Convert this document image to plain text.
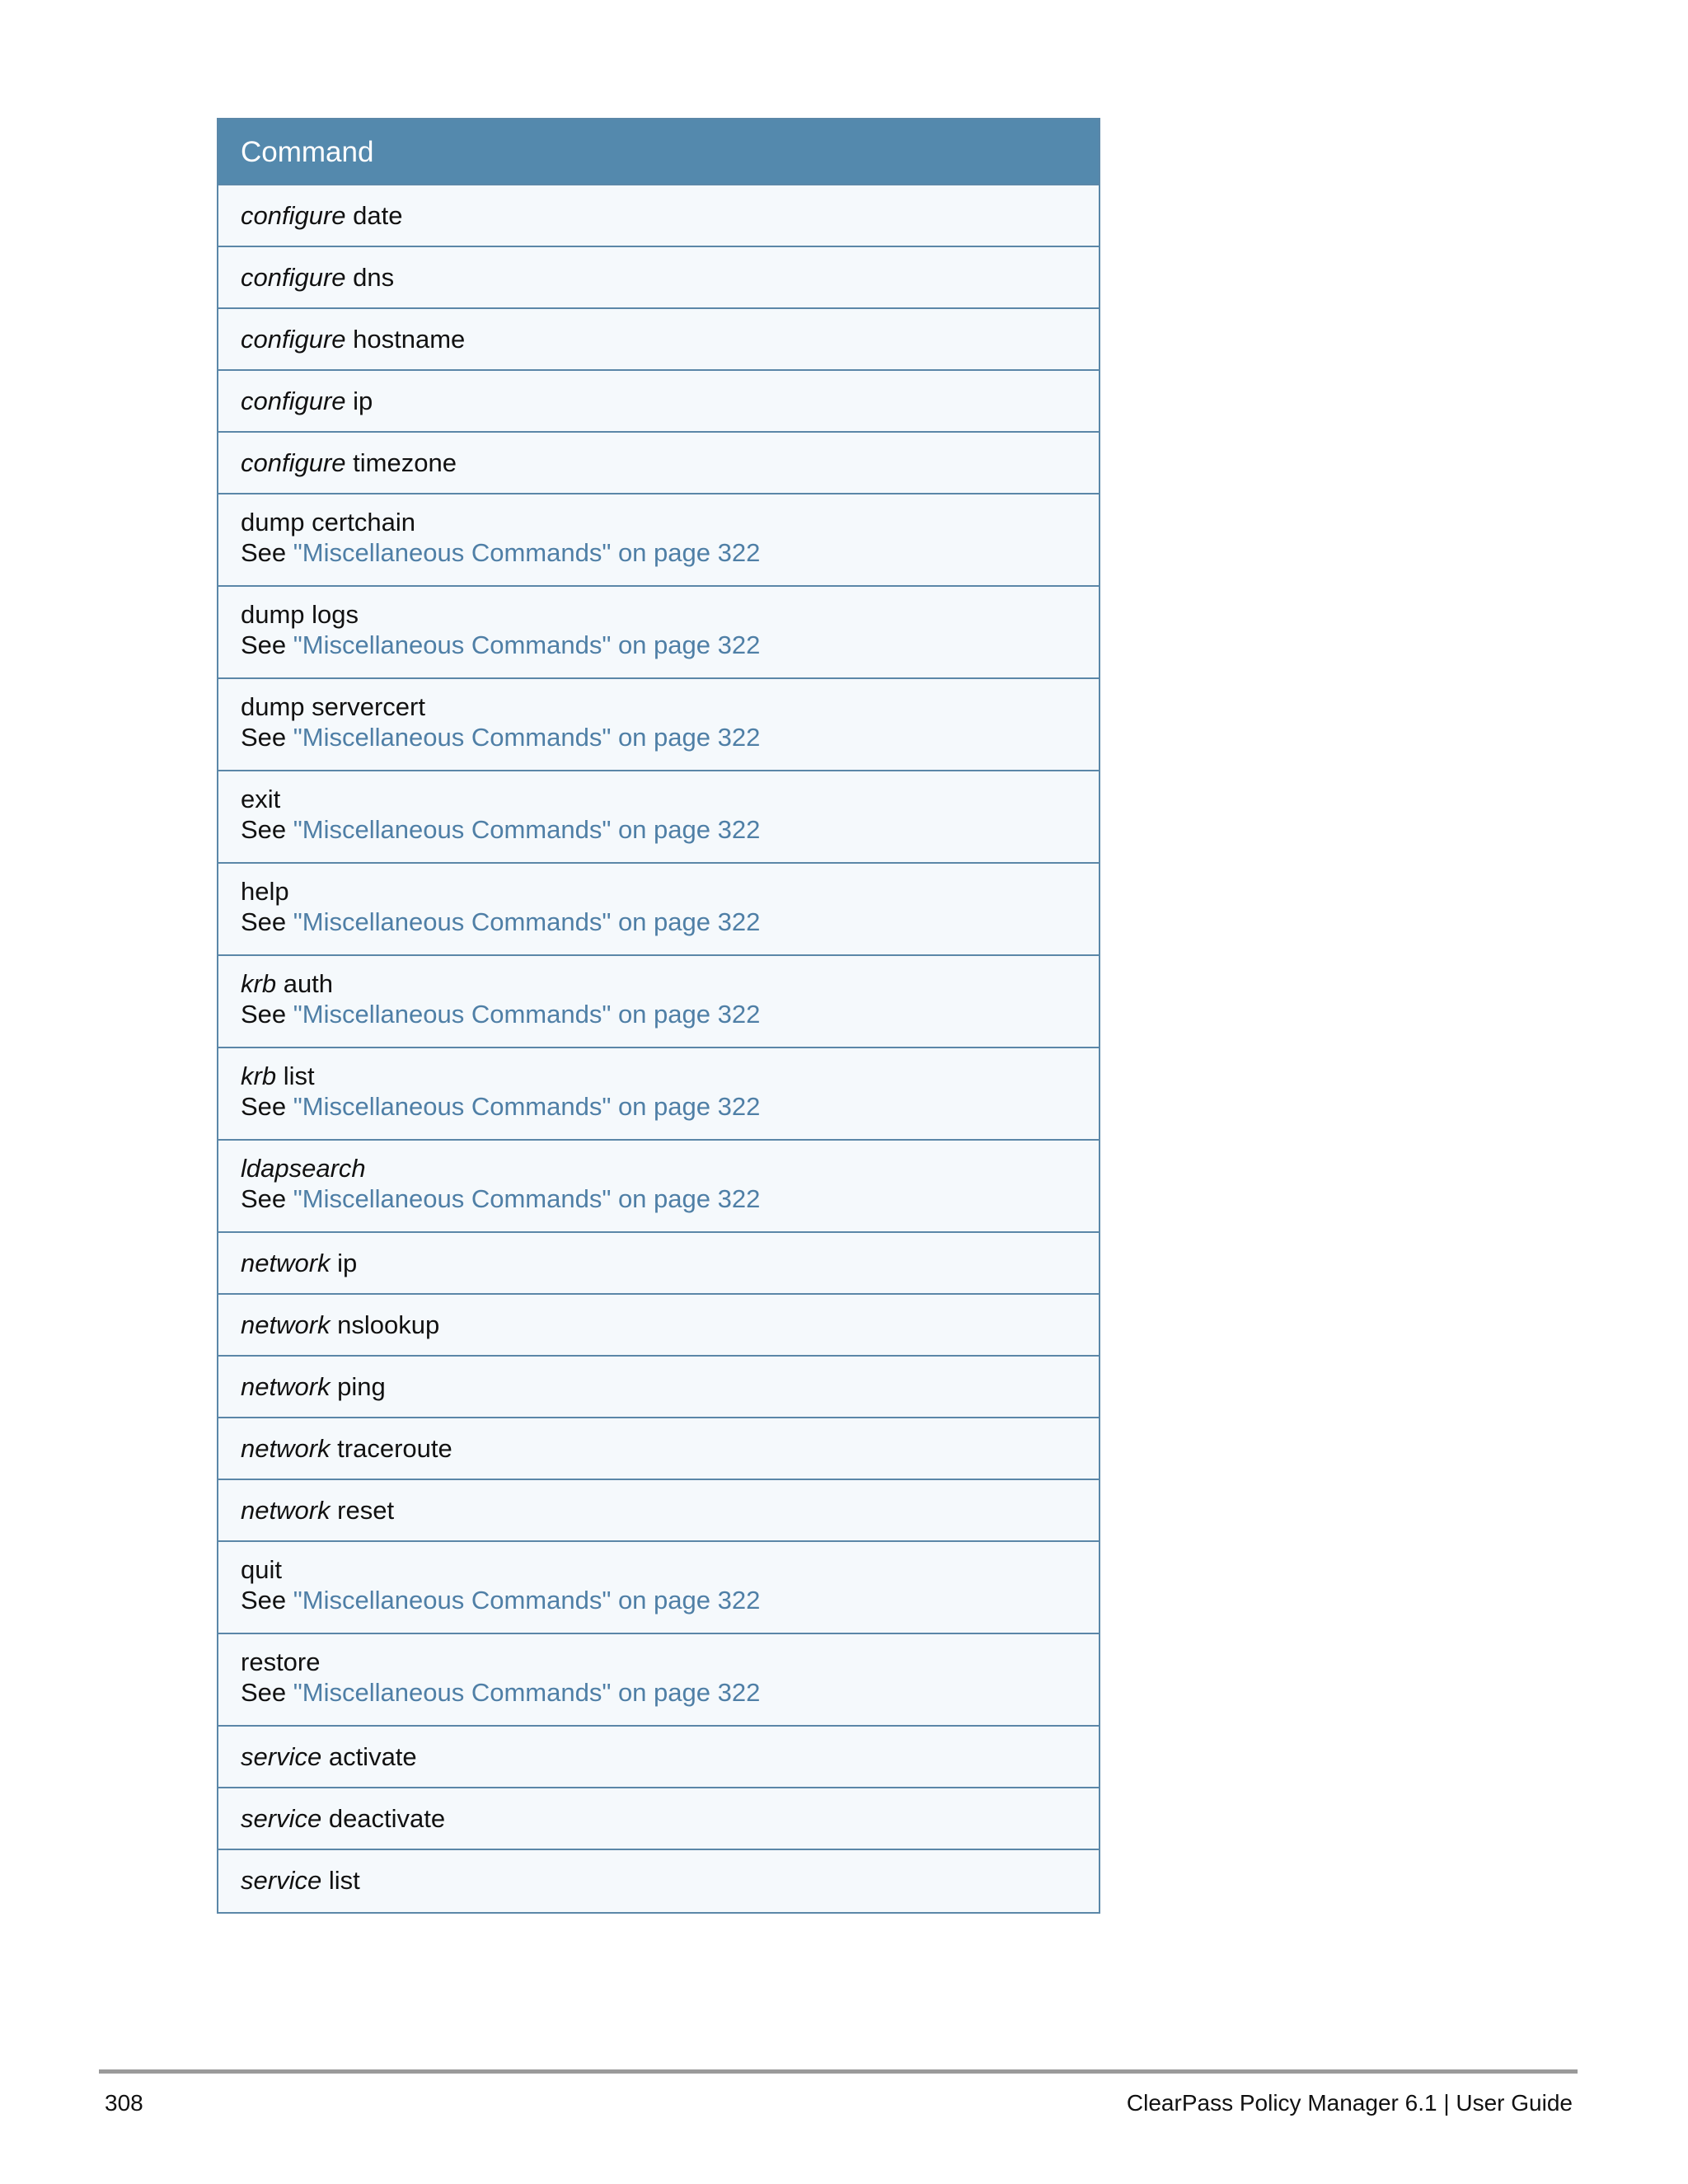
Command
configure date
configure dns
configure hostname
configure ip
configure timezone
dump certchain
See "Miscellaneous Commands" on page 322
dump logs
See "Miscellaneous Commands" on page 322
dump servercert
See "Miscellaneous Commands" on page 322
exit
See "Miscellaneous Commands" on page 322
help
See "Miscellaneous Commands" on page 322
krb auth
See "Miscellaneous Commands" on page 322
krb list
See "Miscellaneous Commands" on page 322
ldapsearch
See "Miscellaneous Commands" on page 322
network ip
network nslookup
network ping
network traceroute
network reset
quit
See "Miscellaneous Commands" on page 322
restore
See "Miscellaneous Commands" on page 322
service activate
service deactivate
service list
308	ClearPass Policy Manager 6.1 | User Guide
